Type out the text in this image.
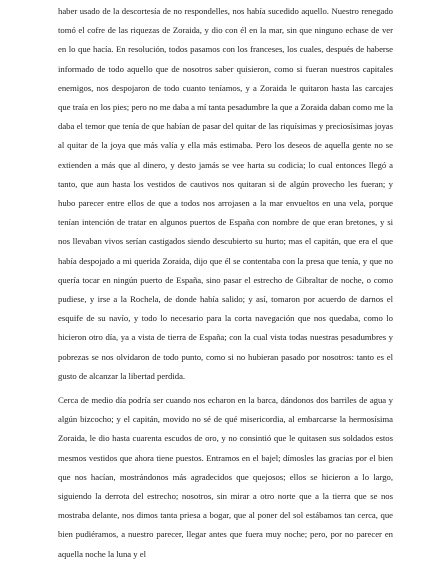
haber usado de la descortesía de no respondelles, nos había sucedido aquello. Nuestro renegado tomó el cofre de las riquezas de Zoraida, y dio con él en la mar, sin que ninguno echase de ver en lo que hacía. En resolución, todos pasamos con los franceses, los cuales, después de haberse informado de todo aquello que de nosotros saber quisieron, como si fueran nuestros capitales enemigos, nos despojaron de todo cuanto teníamos, y a Zoraida le quitaron hasta las carcajes que traía en los pies; pero no me daba a mí tanta pesadumbre la que a Zoraida daban como me la daba el temor que tenía de que habían de pasar del quitar de las riquísimas y preciosísimas joyas al quitar de la joya que más valía y ella más estimaba. Pero los deseos de aquella gente no se extienden a más que al dinero, y desto jamás se vee harta su codicia; lo cual entonces llegó a tanto, que aun hasta los vestidos de cautivos nos quitaran si de algún provecho les fueran; y hubo parecer entre ellos de que a todos nos arrojasen a la mar envueltos en una vela, porque tenían intención de tratar en algunos puertos de España con nombre de que eran bretones, y si nos llevaban vivos serían castigados siendo descubierto su hurto; mas el capitán, que era el que había despojado a mi querida Zoraida, dijo que él se contentaba con la presa que tenía, y que no quería tocar en ningún puerto de España, sino pasar el estrecho de Gibraltar de noche, o como pudiese, y irse a la Rochela, de donde había salido; y así, tomaron por acuerdo de darnos el esquife de su navío, y todo lo necesario para la corta navegación que nos quedaba, como lo hicieron otro día, ya a vista de tierra de España; con la cual vista todas nuestras pesadumbres y pobrezas se nos olvidaron de todo punto, como si no hubieran pasado por nosotros: tanto es el gusto de alcanzar la libertad perdida.

Cerca de medio día podría ser cuando nos echaron en la barca, dándonos dos barriles de agua y algún bizcocho; y el capitán, movido no sé de qué misericordia, al embarcarse la hermosísima Zoraida, le dio hasta cuarenta escudos de oro, y no consintió que le quitasen sus soldados estos mesmos vestidos que ahora tiene puestos. Entramos en el bajel; dímosles las gracias por el bien que nos hacían, mostrándonos más agradecidos que quejosos; ellos se hicieron a lo largo, siguiendo la derrota del estrecho; nosotros, sin mirar a otro norte que a la tierra que se nos mostraba delante, nos dimos tanta priesa a bogar, que al poner del sol estábamos tan cerca, que bien pudiéramos, a nuestro parecer, llegar antes que fuera muy noche; pero, por no parecer en aquella noche la luna y el
